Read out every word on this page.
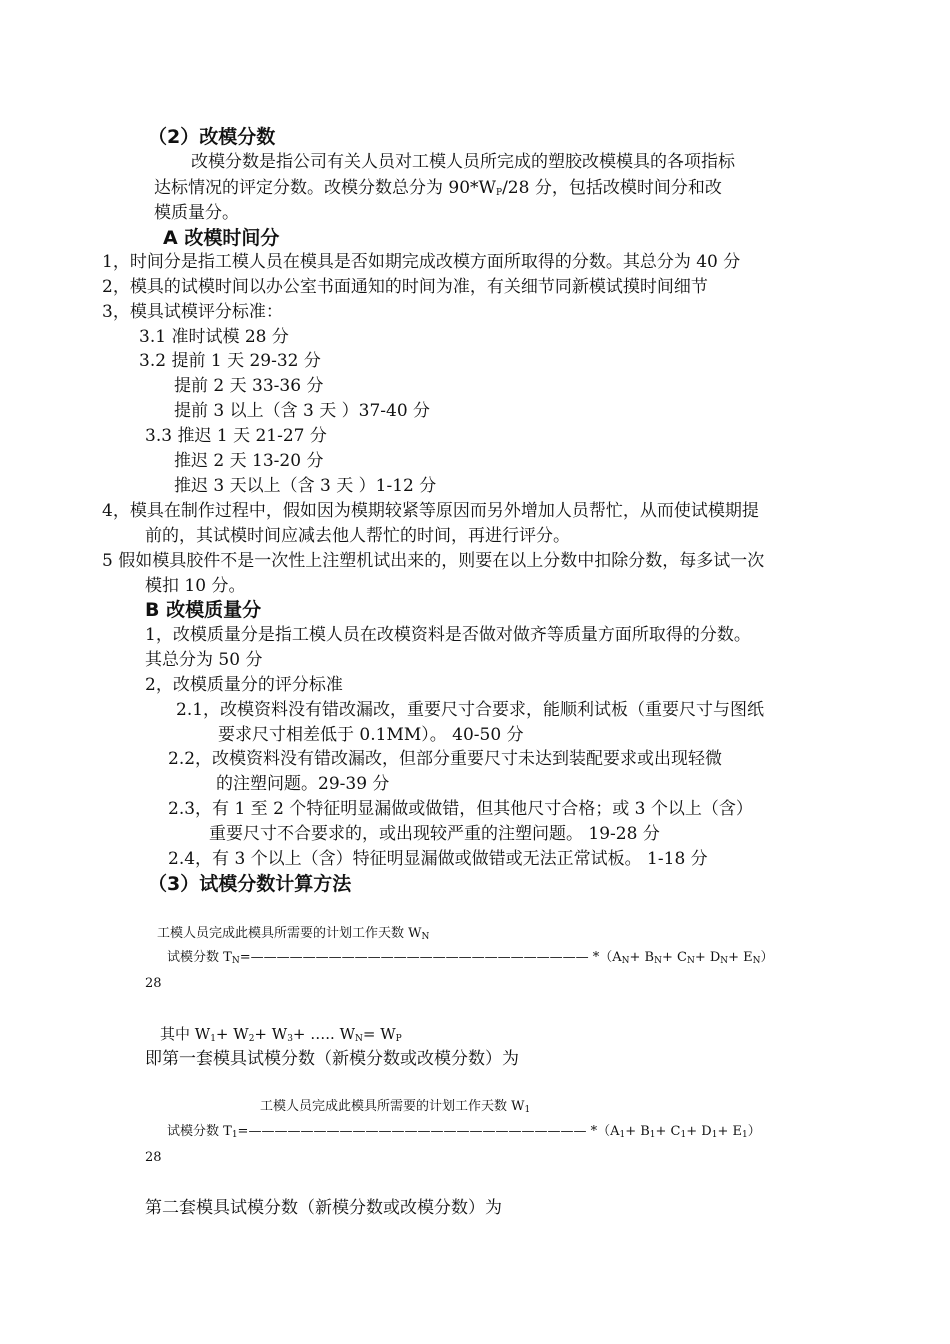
（2）改模分数
改模分数是指公司有关人员对工模人员所完成的塑胶改模模具的各项指标
达标情况的评定分数。改模分数总分为 $90*W_P/28$ 分，包括改模时间分和改
模质量分。
A 改模时间分
1，时间分是指工模人员在模具是否如期完成改模方面所取得的分数。其总分为 40 分
2，模具的试模时间以办公室书面通知的时间为准，有关细节同新模试摸时间细节
3，模具试模评分标准：
3.1 准时试模 28 分
3.2 提前 1 天 29-32 分
提前 2 天 33-36 分
提前 3 以上（含 3 天 ）37-40 分
3.3 推迟 1 天 21-27 分
推迟 2 天 13-20 分
推迟 3 天以上（含 3 天 ）1-12 分
4，模具在制作过程中，假如因为模期较紧等原因而另外增加人员帮忙，从而使试模期提
前的，其试模时间应减去他人帮忙的时间，再进行评分。
5 假如模具胶件不是一次性上注塑机试出来的，则要在以上分数中扣除分数，每多试一次
模扣 10 分。
B 改模质量分
1，改模质量分是指工模人员在改模资料是否做对做齐等质量方面所取得的分数。
其总分为 50 分
2，改模质量分的评分标准
2.1，改模资料没有错改漏改，重要尺寸合要求，能顺利试板（重要尺寸与图纸
要求尺寸相差低于 0.1MM）。 40-50 分
2.2，改模资料没有错改漏改，但部分重要尺寸未达到装配要求或出现轻微
的注塑问题。29-39 分
2.3，有 1 至 2 个特征明显漏做或做错，但其他尺寸合格；或 3 个以上（含）
重要尺寸不合要求的，或出现较严重的注塑问题。 19-28 分
2.4，有 3 个以上（含）特征明显漏做或做错或无法正常试板。 1-18 分
（3）试模分数计算方法
工模人员完成此模具所需要的计划工作天数 $W_N$
试模分数 $T_N=——————————————————————————$ $*(A_N+ B_N+ C_N+ D_N+ E_N)$
28
其中 $W_1+ W_2+ W_3+$ ….. $W_N= W_P$
即第一套模具试模分数（新模分数或改模分数）为
工模人员完成此模具所需要的计划工作天数 $W_1$
试模分数 $T_1=——————————————————————————$ $*(A_1+ B_1+ C_1+ D_1+ E_1)$
28
第二套模具试模分数（新模分数或改模分数）为
